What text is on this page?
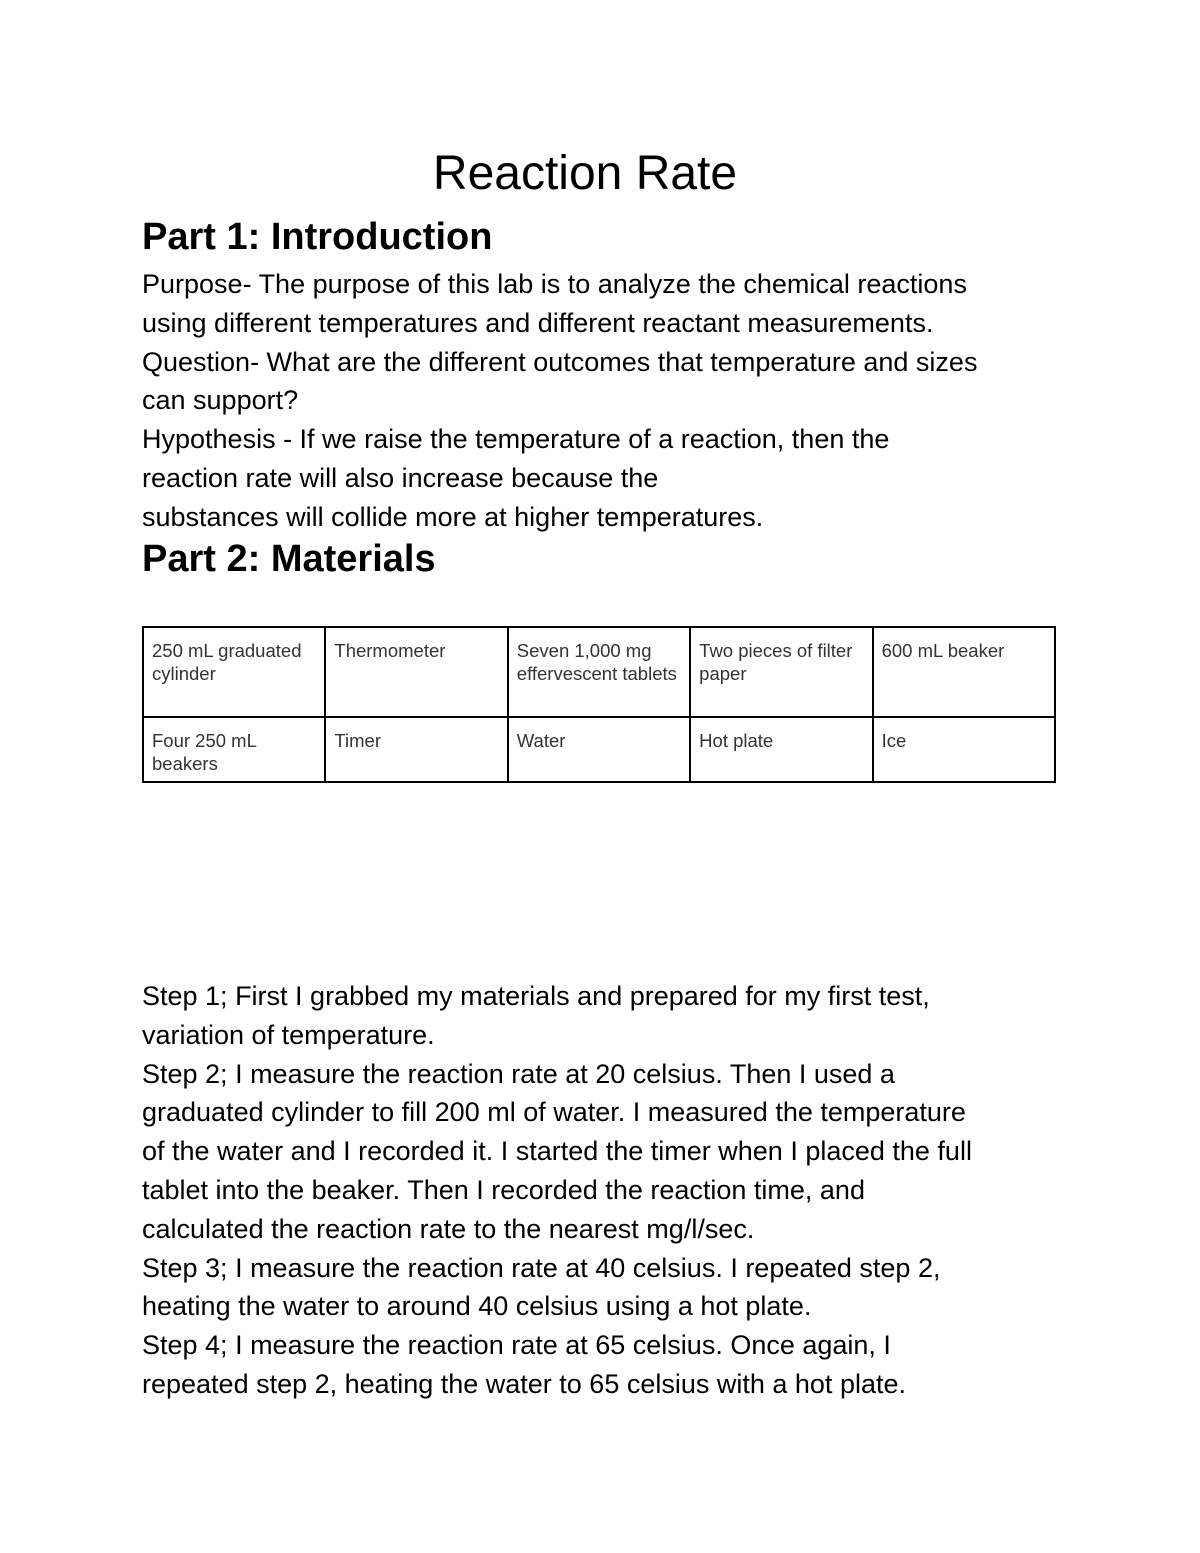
Reaction Rate
Part 1: Introduction
Purpose- The purpose of this lab is to analyze the chemical reactions
using different temperatures and different reactant measurements.
Question- What are the different outcomes that temperature and sizes
can support?
Hypothesis - If we raise the temperature of a reaction, then the
reaction rate will also increase because the
substances will collide more at higher temperatures.
Part 2: Materials
250 mL graduated cylinder	Thermometer	Seven 1,000 mg effervescent tablets	Two pieces of filter paper	600 mL beaker
Four 250 mL beakers	Timer	Water	Hot plate	Ice
Step 1; First I grabbed my materials and prepared for my first test,
variation of temperature.
Step 2; I measure the reaction rate at 20 celsius. Then I used a
graduated cylinder to fill 200 ml of water. I measured the temperature
of the water and I recorded it. I started the timer when I placed the full
tablet into the beaker. Then I recorded the reaction time, and
calculated the reaction rate to the nearest mg/l/sec.
Step 3; I measure the reaction rate at 40 celsius. I repeated step 2,
heating the water to around 40 celsius using a hot plate.
Step 4; I measure the reaction rate at 65 celsius. Once again, I
repeated step 2, heating the water to 65 celsius with a hot plate.
